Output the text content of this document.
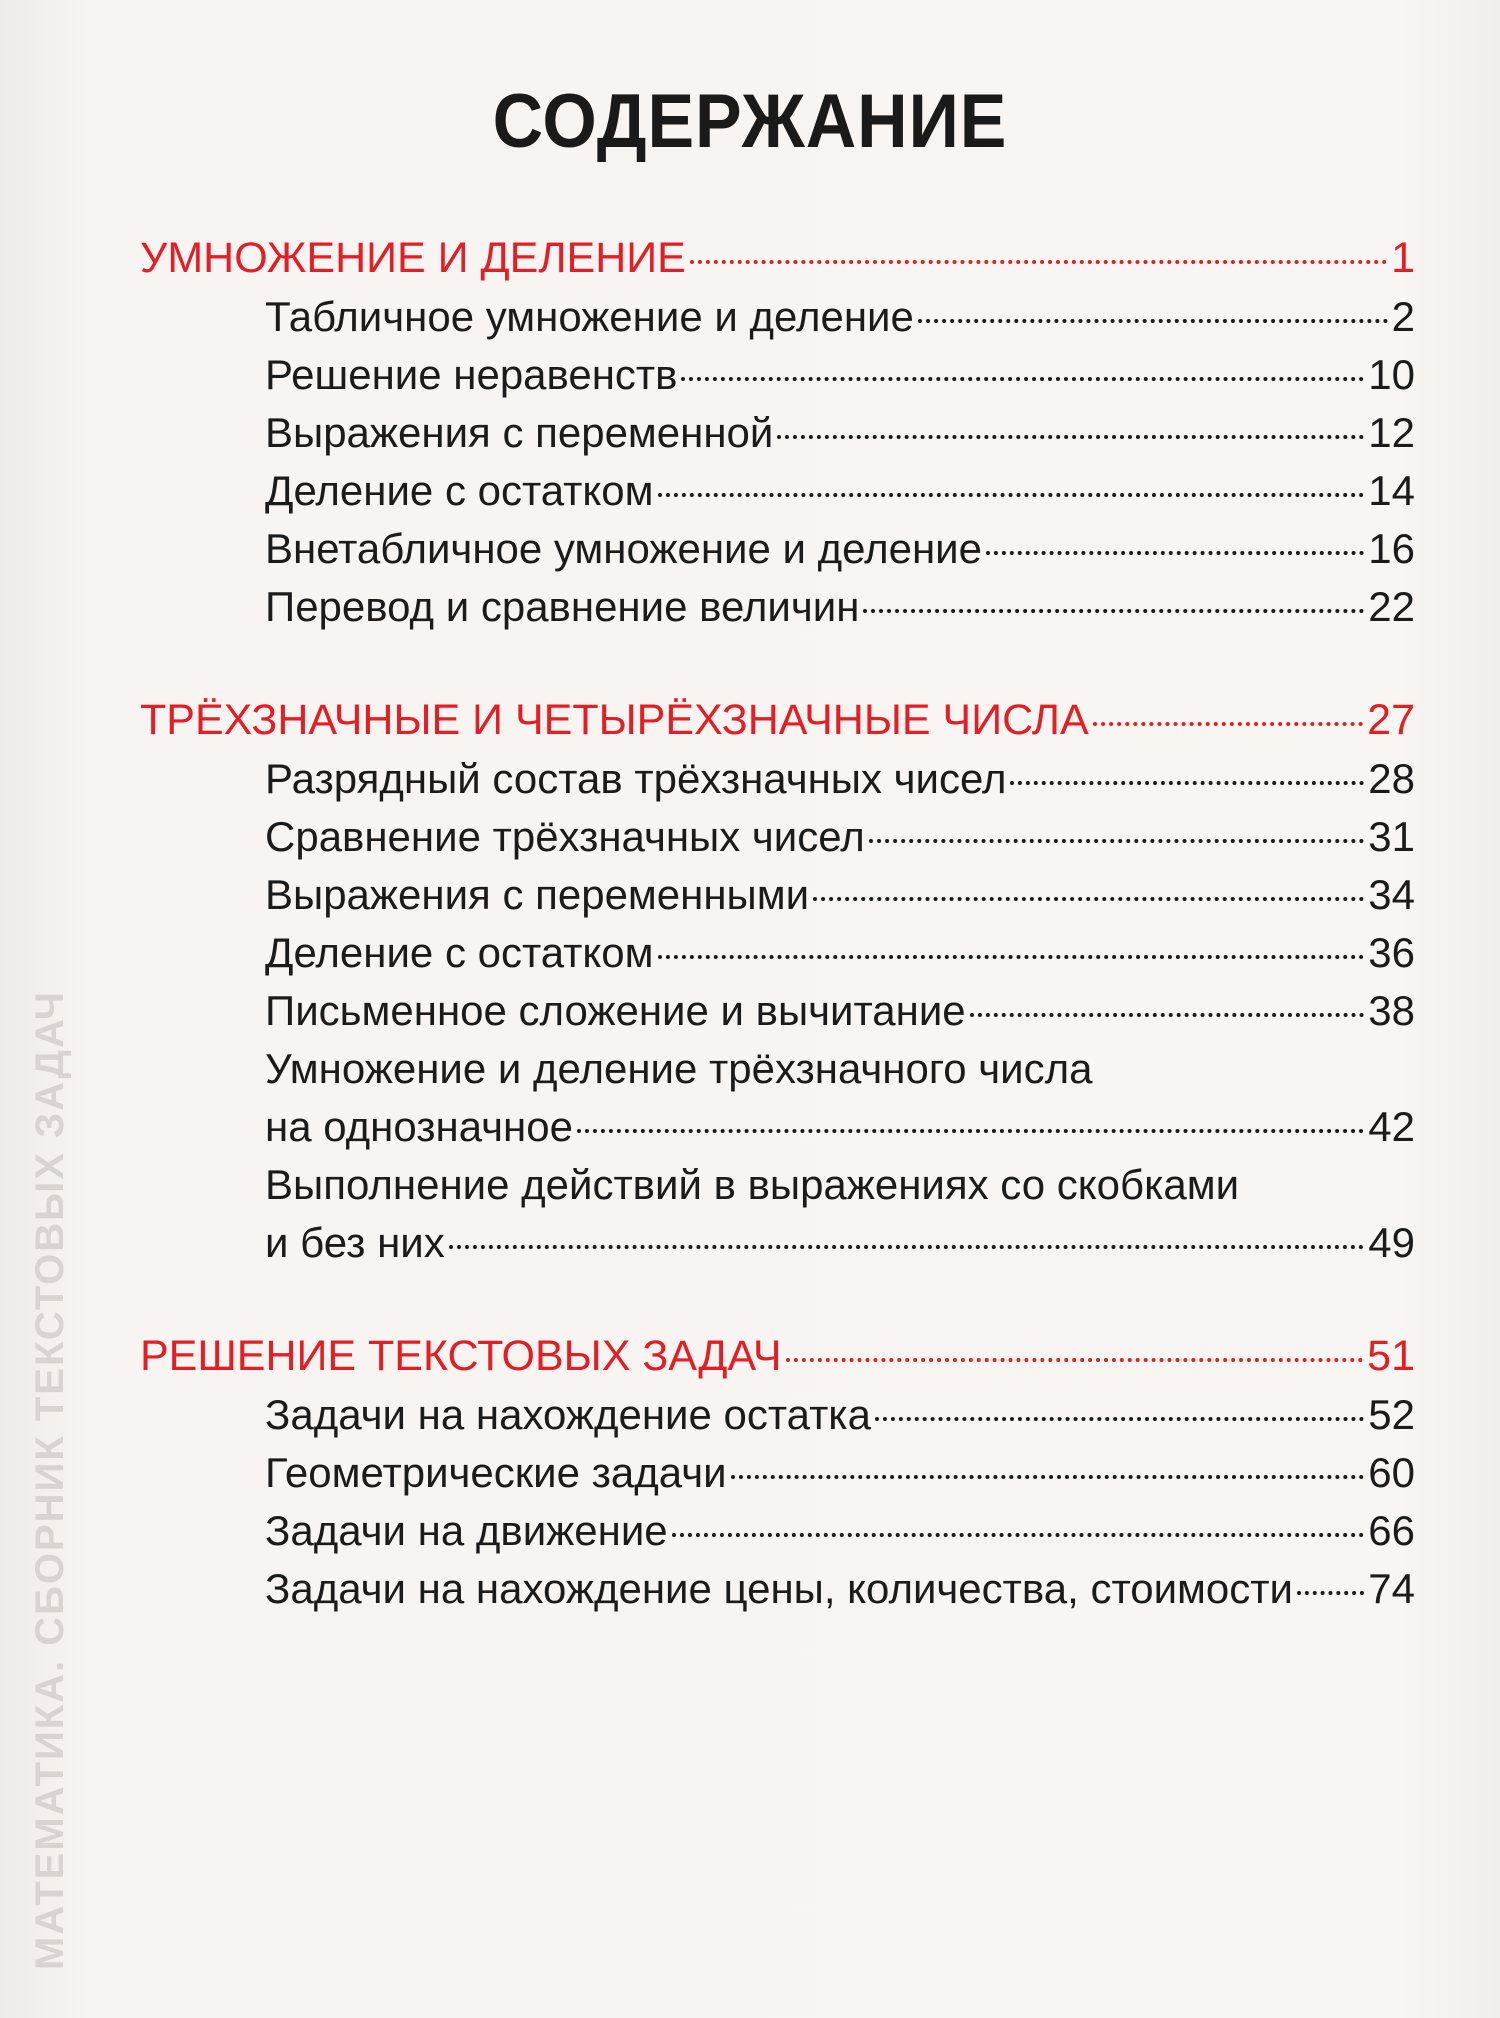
МАТЕМАТИКА. СБОРНИК ТЕКСТОВЫХ ЗАДАЧ
СОДЕРЖАНИЕ
УМНОЖЕНИЕ И ДЕЛЕНИЕ	1
Табличное умножение и деление	2
Решение неравенств	10
Выражения с переменной	12
Деление с остатком	14
Внетабличное умножение и деление	16
Перевод и сравнение величин	22
ТРЁХЗНАЧНЫЕ И ЧЕТЫРЁХЗНАЧНЫЕ ЧИСЛА	27
Разрядный состав трёхзначных чисел	28
Сравнение трёхзначных чисел	31
Выражения с переменными	34
Деление с остатком	36
Письменное сложение и вычитание	38
Умножение и деление трёхзначного числа
на однозначное	42
Выполнение действий в выражениях со скобками
и без них	49
РЕШЕНИЕ ТЕКСТОВЫХ ЗАДАЧ	51
Задачи на нахождение остатка	52
Геометрические задачи	60
Задачи на движение	66
Задачи на нахождение цены, количества, стоимости 74
